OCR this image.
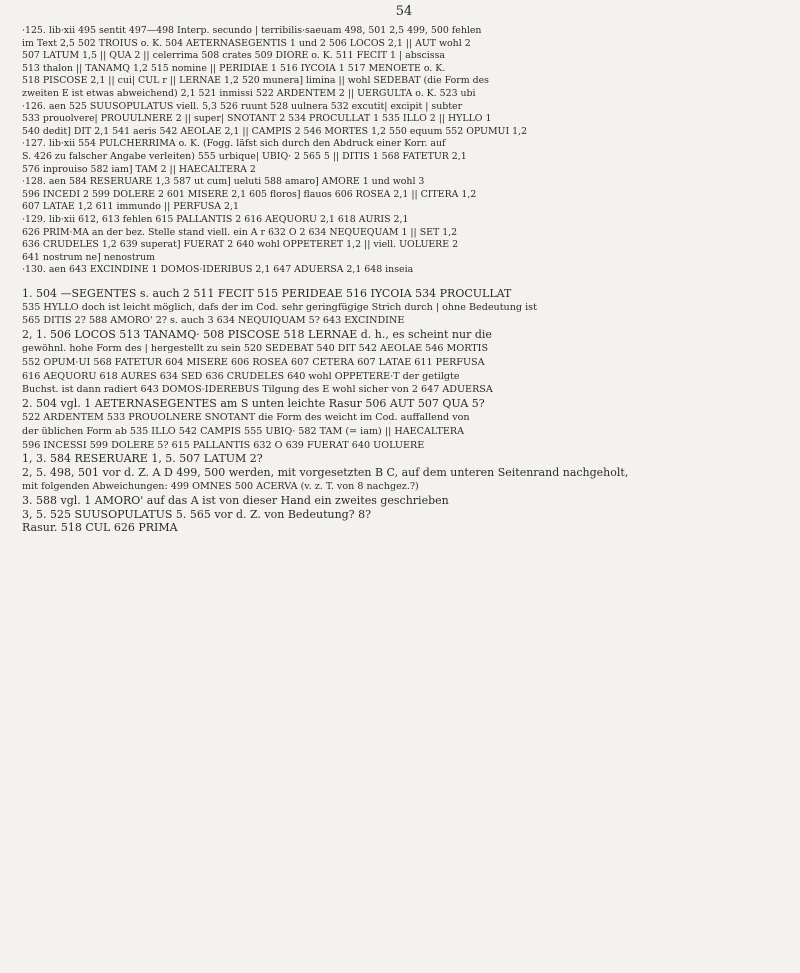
54

·125. lib·xii 495 sentit 497—498 Interp. secundo | terribilis·saeuam 498, 501 2,5 499, 500 fehlen

im Text 2,5 502 TROIUS o. K. 504 AETERNASEGENTIS 1 und 2 506 LOCOS 2,1 || AUT wohl 2

507 LATUM 1,5 || QUA 2 || celerrima 508 crates 509 DIORE o. K. 511 FECIT 1 | abscissa

513 thalon || TANAMQ 1,2 515 nomine || PERIDIAE 1 516 IYCOIA 1 517 MENOETE o. K.

518 PISCOSE 2,1 || cui| CUL r || LERNAE 1,2 520 munera] limina || wohl SEDEBAT (die Form des

zweiten E ist etwas abweichend) 2,1 521 inmissi 522 ARDENTEM 2 || UERGULTA o. K. 523 ubi

·126. aen 525 SUUSOPULATUS viell. 5,3 526 ruunt 528 uulnera 532 excutit| excipit | subter

533 prouolvere| PROUULNERE 2 || super| SNOTANT 2 534 PROCULLAT 1 535 ILLO 2 || HYLLO 1

540 dedit] DIT 2,1 541 aeris 542 AEOLAE 2,1 || CAMPIS 2 546 MORTES 1,2 550 equum 552 OPUMUI 1,2

·127. lib·xii 554 PULCHERRIMA o. K. (Fogg. läfst sich durch den Abdruck einer Korr. auf

S. 426 zu falscher Angabe verleiten) 555 urbique| UBIQ· 2 565 5 || DITIS 1 568 FATETUR 2,1

576 inprouiso 582 iam] TAM 2 || HAECALTERA 2

·128. aen 584 RESERUARE 1,3 587 ut cum] ueluti 588 amaro] AMORE 1 und wohl 3

596 INCEDI 2 599 DOLERE 2 601 MISERE 2,1 605 floros] flauos 606 ROSEA 2,1 || CITERA 1,2

607 LATAE 1,2 611 immundo || PERFUSA 2,1

·129. lib·xii 612, 613 fehlen 615 PALLANTIS 2 616 AEQUORU 2,1 618 AURIS 2,1

626 PRIM·MA an der bez. Stelle stand viell. ein A r 632 O 2 634 NEQUEQUAM 1 || SET 1,2

636 CRUDELES 1,2 639 superat] FUERAT 2 640 wohl OPPETERET 1,2 || viell. UOLUERE 2

641 nostrum ne] nenostrum

·130. aen 643 EXCINDINE 1 DOMOS·IDERIBUS 2,1 647 ADUERSA 2,1 648 inseia

1. 504 —SEGENTES s. auch 2 511 FECIT 515 PERIDEAE 516 IYCOIA 534 PROCULLAT

535 HYLLO doch ist leicht möglich, dafs der im Cod. sehr geringfügige Strich durch | ohne Bedeutung ist

565 DITIS 2? 588 AMORO' 2? s. auch 3 634 NEQUIQUAM 5? 643 EXCINDINE

2, 1. 506 LOCOS 513 TANAMQ· 508 PISCOSE 518 LERNAE d. h., es scheint nur die

gewöhnl. hohe Form des | hergestellt zu sein 520 SEDEBAT 540 DIT 542 AEOLAE 546 MORTIS

552 OPUM·UI 568 FATETUR 604 MISERE 606 ROSEA 607 CETERA 607 LATAE 611 PERFUSA

616 AEQUORU 618 AURES 634 SED 636 CRUDELES 640 wohl OPPETERE·T der getilgte

Buchst. ist dann radiert 643 DOMOS·IDEREBUS Tilgung des E wohl sicher von 2 647 ADUERSA

2. 504 vgl. 1 AETERNASEGENTES am S unten leichte Rasur 506 AUT 507 QUA 5?

522 ARDENTEM 533 PROUOLNERE SNOTANT die Form des weicht im Cod. auffallend von

der üblichen Form ab 535 ILLO 542 CAMPIS 555 UBIQ· 582 TAM (= iam) || HAECALTERA

596 INCESSI 599 DOLERE 5? 615 PALLANTIS 632 O 639 FUERAT 640 UOLUERE

1, 3. 584 RESERUARE 1, 5. 507 LATUM 2?

2, 5. 498, 501 vor d. Z. A D 499, 500 werden, mit vorgesetzten B C, auf dem unteren Seitenrand nachgeholt,

mit folgenden Abweichungen: 499 OMNES 500 ACERVA (v. z. T. von 8 nachgez.?)

3. 588 vgl. 1 AMORO' auf das A ist von dieser Hand ein zweites geschrieben

3, 5. 525 SUUSOPULATUS 5. 565 vor d. Z. von Bedeutung? 8?

Rasur. 518 CUL 626 PRIMA
